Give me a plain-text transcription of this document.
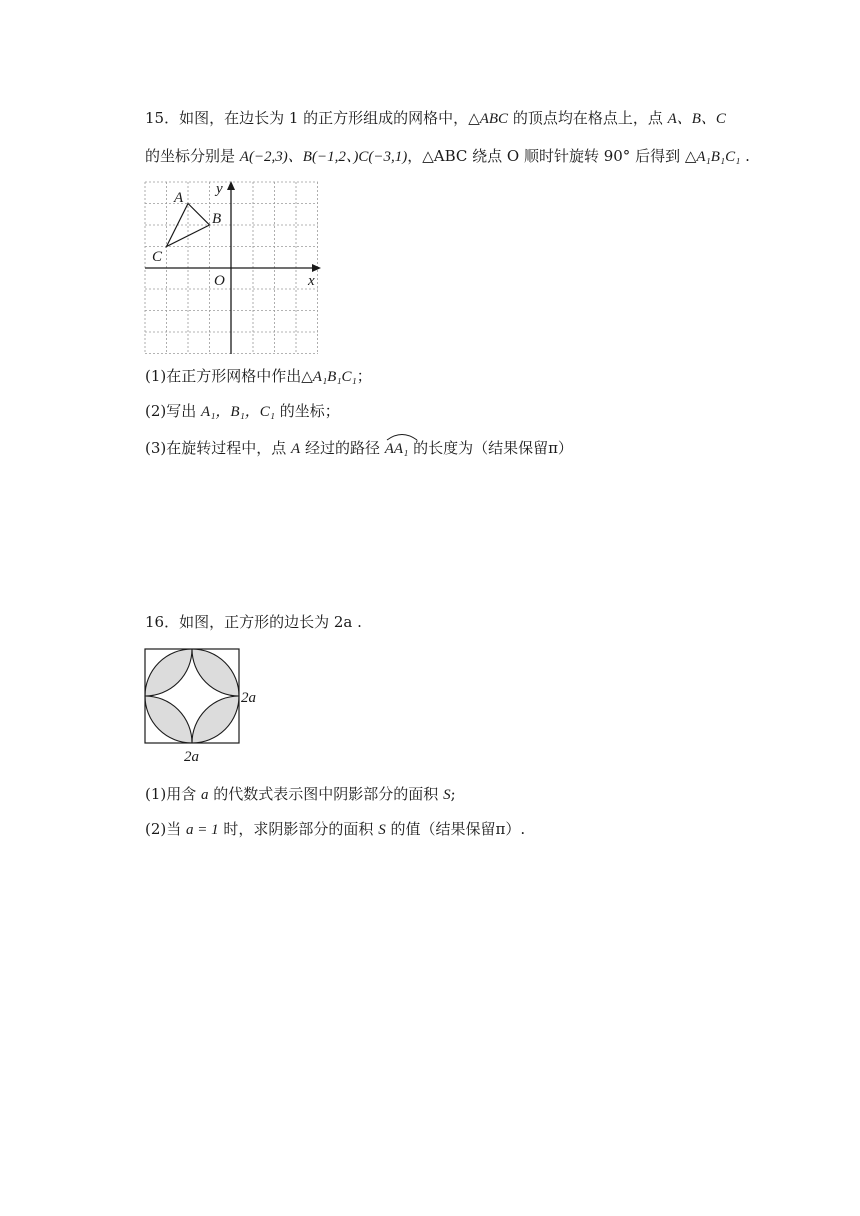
15．如图，在边长为 1 的正方形组成的网格中，△ABC 的顶点均在格点上，点 A、B、C
的坐标分别是 A(−2,3)、B(−1,2、)C(−3,1)，△ABC 绕点 O 顺时针旋转 90° 后得到 △A₁B₁C₁ .
A
B
C
O	x
y
(1)在正方形网格中作出△A₁B₁C₁；
(2)写出 A₁，B₁，C₁ 的坐标；
(3)在旋转过程中，点 A 经过的路径
AA₁ 的长度为（结果保留π）
16．如图，正方形的边长为 2a .
2a
2a
(1)用含 a 的代数式表示图中阴影部分的面积 S;
(2)当 a = 1 时，求阴影部分的面积 S 的值（结果保留π）.
